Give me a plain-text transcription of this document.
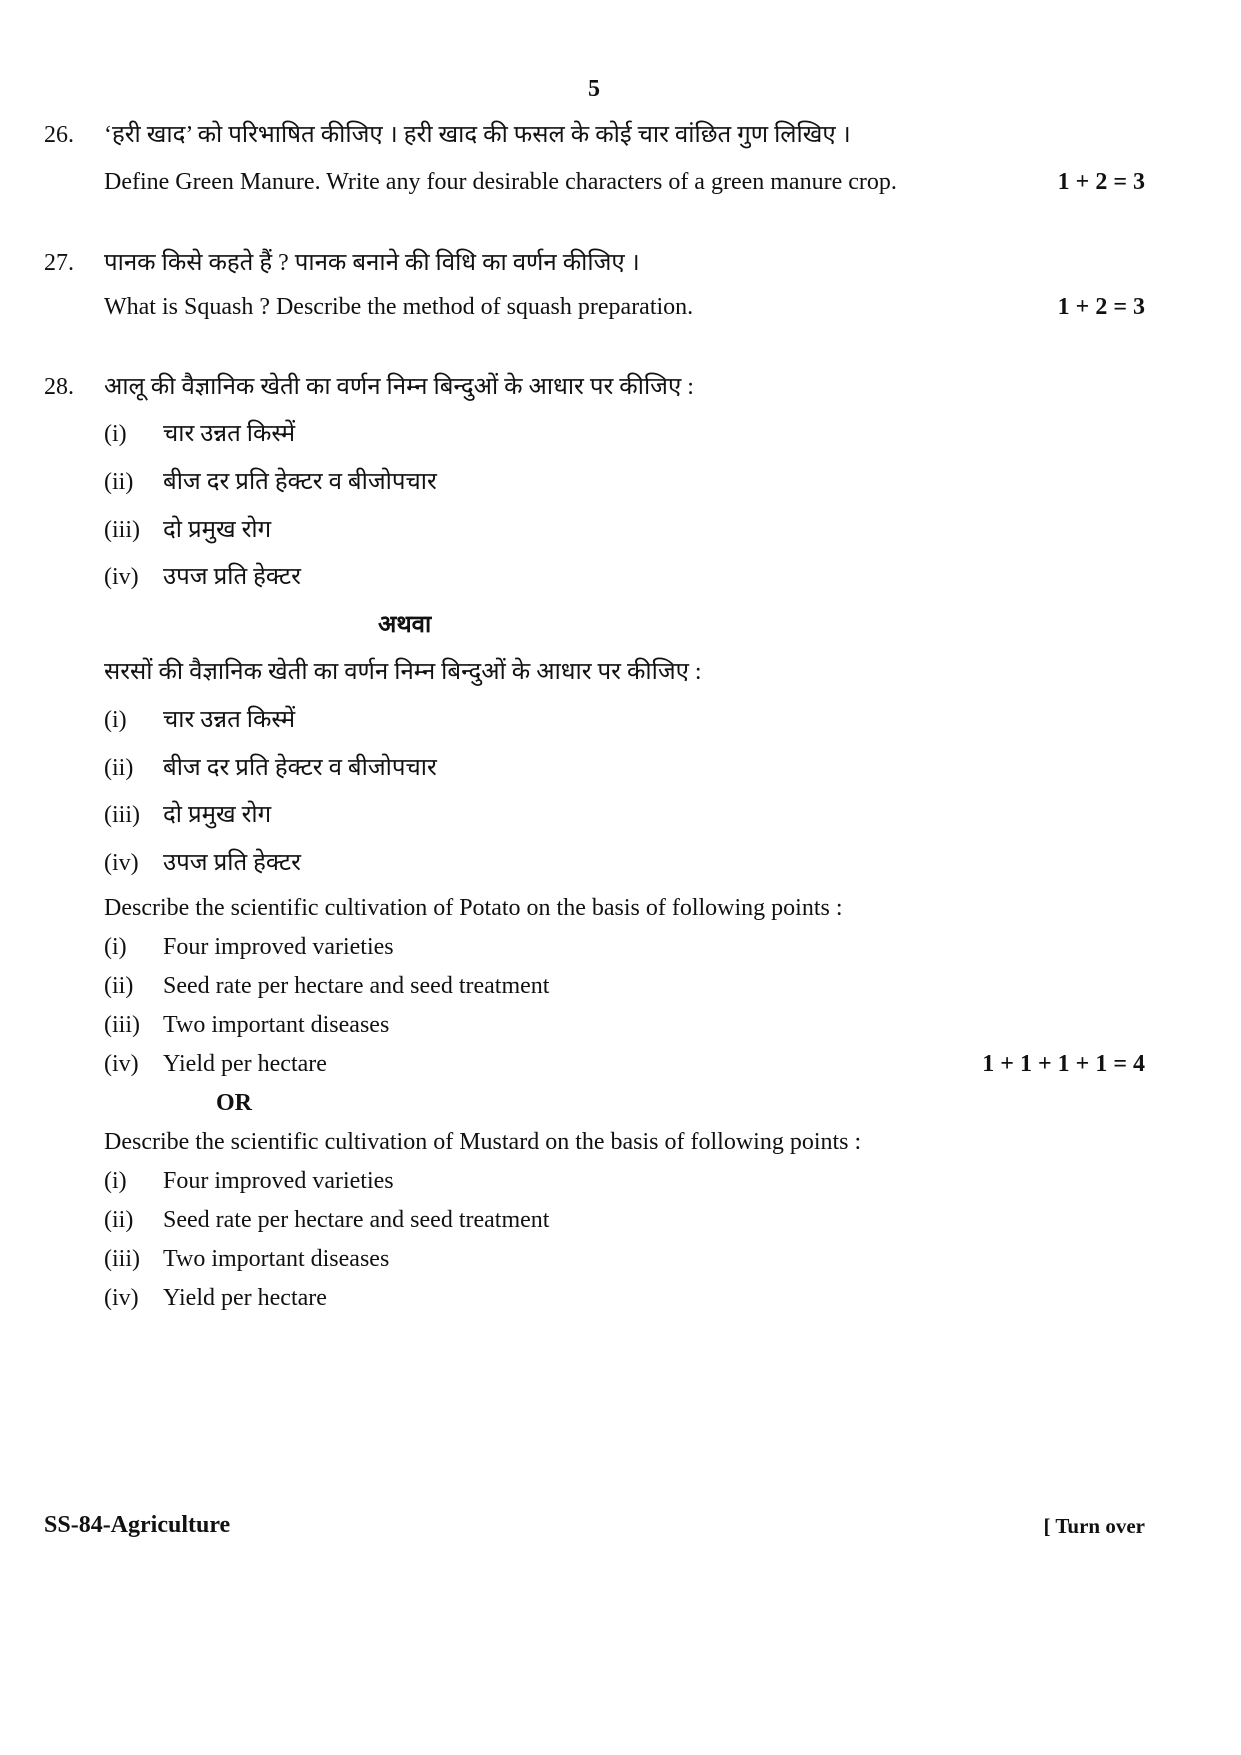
5
26. ‘हरी खाद’ को परिभाषित कीजिए । हरी खाद की फसल के कोई चार वांछित गुण लिखिए ।
Define Green Manure. Write any four desirable characters of a green manure crop.	1 + 2 = 3
27. पानक किसे कहते हैं ? पानक बनाने की विधि का वर्णन कीजिए ।
What is Squash ? Describe the method of squash preparation.	1 + 2 = 3
28. आलू की वैज्ञानिक खेती का वर्णन निम्न बिन्दुओं के आधार पर कीजिए :
(i) चार उन्नत किस्में
(ii) बीज दर प्रति हेक्टर व बीजोपचार
(iii) दो प्रमुख रोग
(iv) उपज प्रति हेक्टर
अथवा
सरसों की वैज्ञानिक खेती का वर्णन निम्न बिन्दुओं के आधार पर कीजिए :
(i) चार उन्नत किस्में
(ii) बीज दर प्रति हेक्टर व बीजोपचार
(iii) दो प्रमुख रोग
(iv) उपज प्रति हेक्टर
Describe the scientific cultivation of Potato on the basis of following points :
(i) Four improved varieties
(ii) Seed rate per hectare and seed treatment
(iii) Two important diseases
(iv) Yield per hectare	1 + 1 + 1 + 1 = 4
OR
Describe the scientific cultivation of Mustard on the basis of following points :
(i) Four improved varieties
(ii) Seed rate per hectare and seed treatment
(iii) Two important diseases
(iv) Yield per hectare
SS-84-Agriculture	[ Turn over
